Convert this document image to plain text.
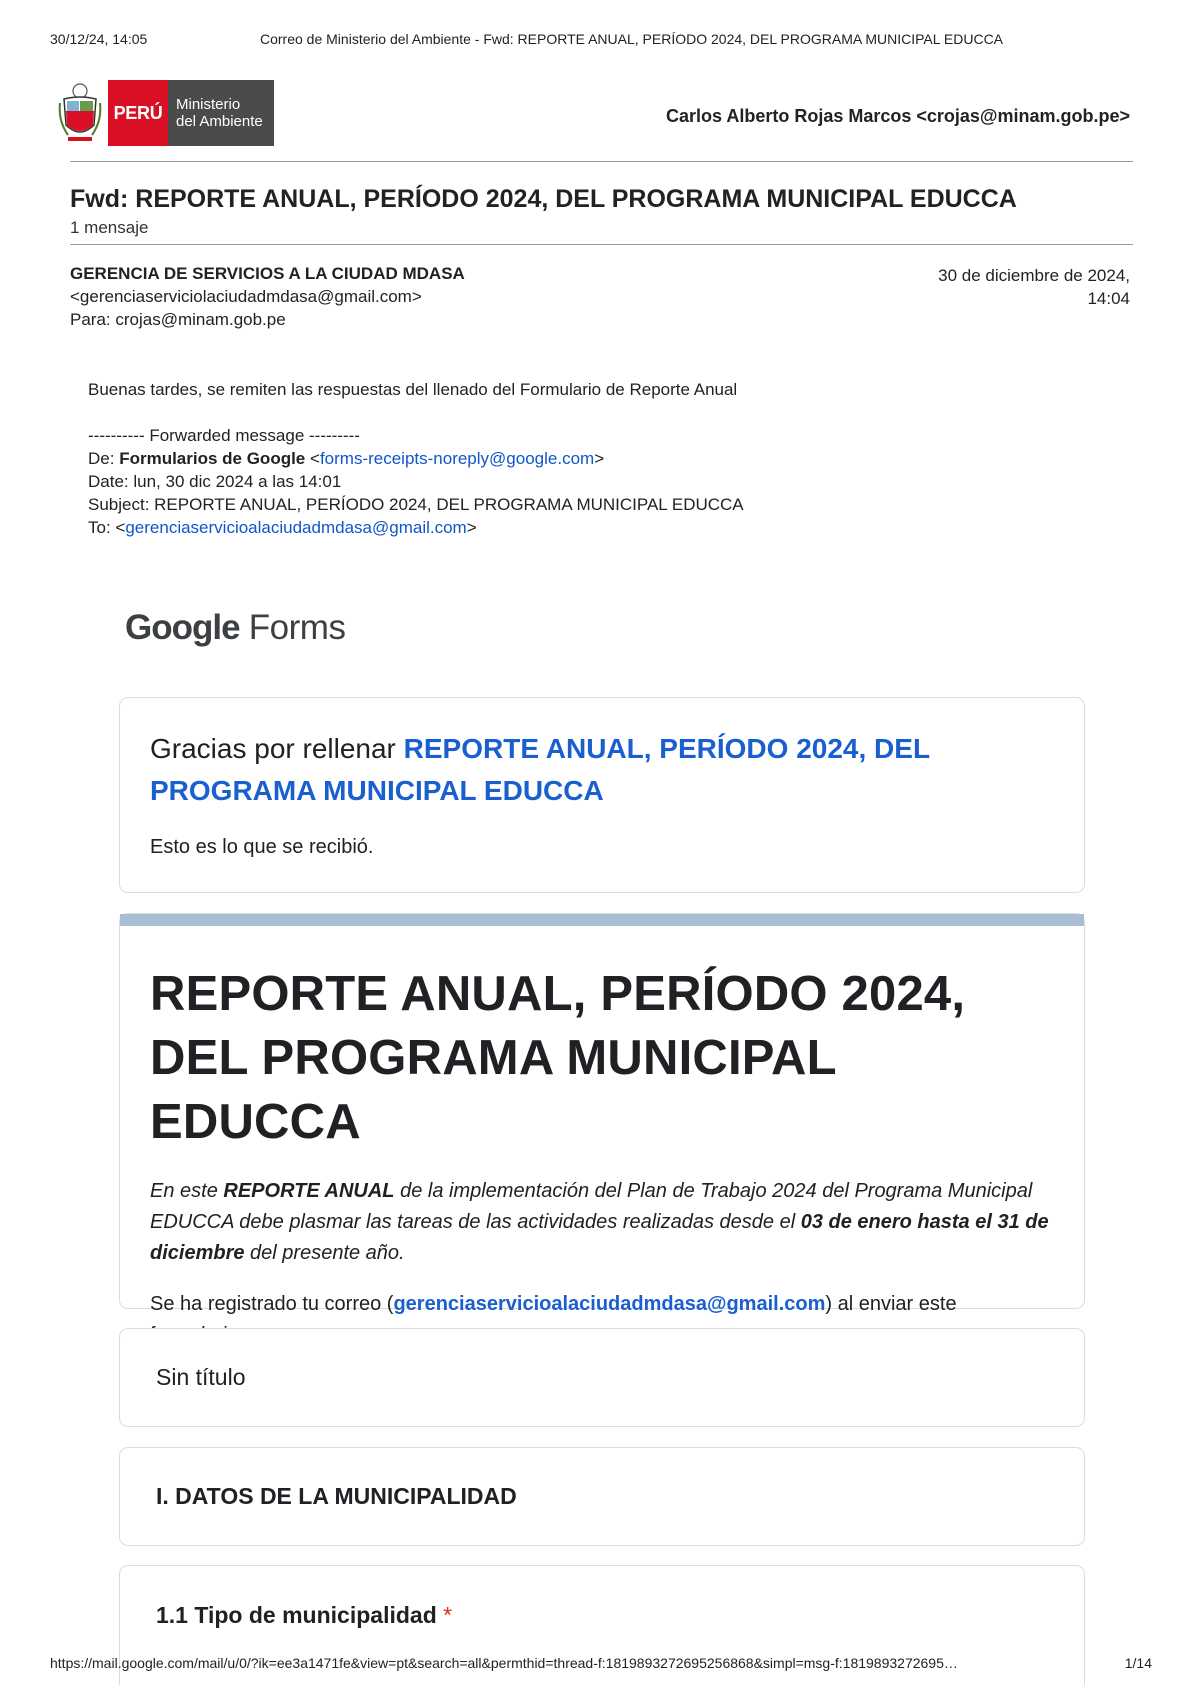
30/12/24, 14:05	Correo de Ministerio del Ambiente - Fwd: REPORTE ANUAL, PERÍODO 2024, DEL PROGRAMA MUNICIPAL EDUCCA
PERÚ Ministerio
del Ambiente	Carlos Alberto Rojas Marcos <crojas@minam.gob.pe>
Fwd: REPORTE ANUAL, PERÍODO 2024, DEL PROGRAMA MUNICIPAL EDUCCA
1 mensaje
GERENCIA DE SERVICIOS A LA CIUDAD MDASA
<gerenciaserviciolaciudadmdasa@gmail.com>
Para: crojas@minam.gob.pe
30 de diciembre de 2024,
14:04
Buenas tardes, se remiten las respuestas del llenado del Formulario de Reporte Anual
---------- Forwarded message ---------
De: Formularios de Google <forms-receipts-noreply@google.com>
Date: lun, 30 dic 2024 a las 14:01
Subject: REPORTE ANUAL, PERÍODO 2024, DEL PROGRAMA MUNICIPAL EDUCCA
To: <gerenciaservicioalaciudadmdasa@gmail.com>
Google Forms
Gracias por rellenar REPORTE ANUAL, PERÍODO 2024, DEL PROGRAMA MUNICIPAL EDUCCA
Esto es lo que se recibió.
REPORTE ANUAL, PERÍODO 2024, DEL PROGRAMA MUNICIPAL EDUCCA
En este REPORTE ANUAL de la implementación del Plan de Trabajo 2024 del Programa Municipal EDUCCA debe plasmar las tareas de las actividades realizadas desde el 03 de enero hasta el 31 de diciembre del presente año.
Se ha registrado tu correo (gerenciaservicioalaciudadmdasa@gmail.com) al enviar este
Sin título
I. DATOS DE LA MUNICIPALIDAD
1.1 Tipo de municipalidad *
https://mail.google.com/mail/u/0/?ik=ee3a1471fe&view=pt&search=all&permthid=thread-f:1819893272695256868&simpl=msg-f:1819893272695…	1/14
